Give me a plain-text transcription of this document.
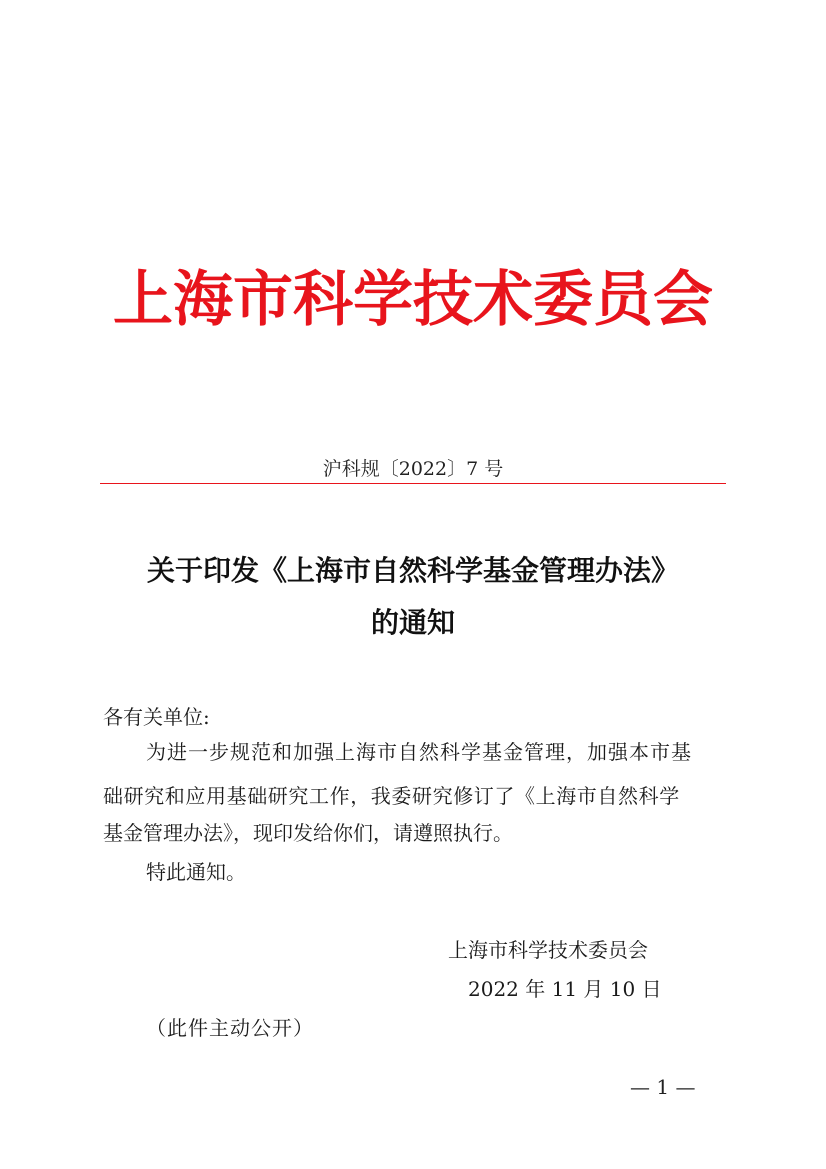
上海市科学技术委员会
沪科规〔2022〕7 号
关于印发《上海市自然科学基金管理办法》
的通知
各有关单位:
为进一步规范和加强上海市自然科学基金管理，加强本市基
础研究和应用基础研究工作，我委研究修订了《上海市自然科学
基金管理办法》，现印发给你们，请遵照执行。
特此通知。
上海市科学技术委员会
2022 年 11 月 10 日
（此件主动公开）
— 1 —
